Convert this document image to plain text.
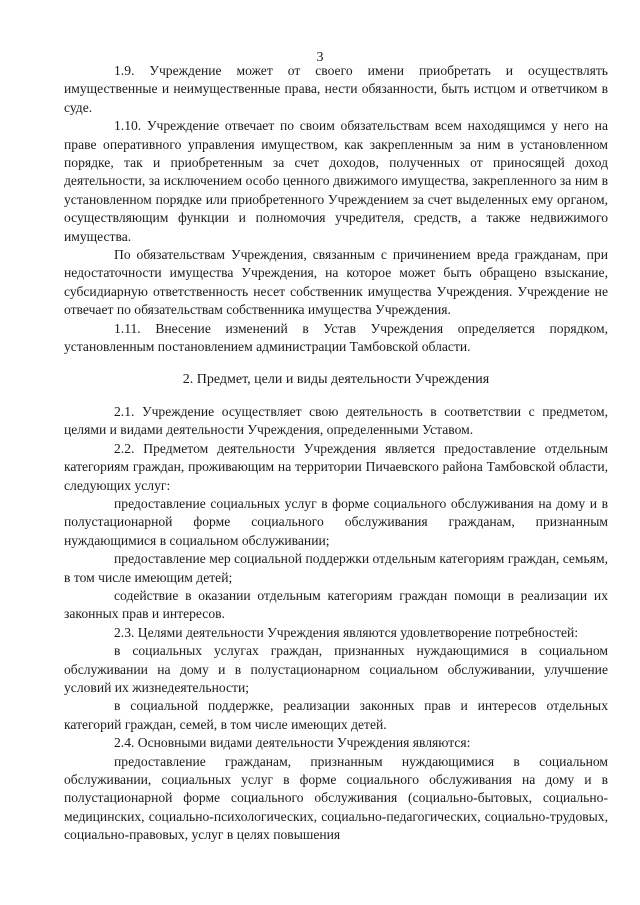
3

1.9. Учреждение может от своего имени приобретать и осуществлять имущественные и неимущественные права, нести обязанности, быть истцом и ответчиком в суде.

1.10. Учреждение отвечает по своим обязательствам всем находящимся у него на праве оперативного управления имуществом, как закрепленным за ним в установленном порядке, так и приобретенным за счет доходов, полученных от приносящей доход деятельности, за исключением особо ценного движимого имущества, закрепленного за ним в установленном порядке или приобретенного Учреждением за счет выделенных ему органом, осуществляющим функции и полномочия учредителя, средств, а также недвижимого имущества.

По обязательствам Учреждения, связанным с причинением вреда гражданам, при недостаточности имущества Учреждения, на которое может быть обращено взыскание, субсидиарную ответственность несет собственник имущества Учреждения. Учреждение не отвечает по обязательствам собственника имущества Учреждения.

1.11. Внесение изменений в Устав Учреждения определяется порядком, установленным постановлением администрации Тамбовской области.

2. Предмет, цели и виды деятельности Учреждения

2.1. Учреждение осуществляет свою деятельность в соответствии с предметом, целями и видами деятельности Учреждения, определенными Уставом.

2.2. Предметом деятельности Учреждения является предоставление отдельным категориям граждан, проживающим на территории Пичаевского района Тамбовской области, следующих услуг:

предоставление социальных услуг в форме социального обслуживания на дому и в полустационарной форме социального обслуживания гражданам, признанным нуждающимися в социальном обслуживании;

предоставление мер социальной поддержки отдельным категориям граждан, семьям, в том числе имеющим детей;

содействие в оказании отдельным категориям граждан помощи в реализации их законных прав и интересов.

2.3. Целями деятельности Учреждения являются удовлетворение потребностей:

в социальных услугах граждан, признанных нуждающимися в социальном обслуживании на дому и в полустационарном социальном обслуживании, улучшение условий их жизнедеятельности;

в социальной поддержке, реализации законных прав и интересов отдельных категорий граждан, семей, в том числе имеющих детей.

2.4. Основными видами деятельности Учреждения являются:

предоставление гражданам, признанным нуждающимися в социальном обслуживании, социальных услуг в форме социального обслуживания на дому и в полустационарной форме социального обслуживания (социально-бытовых, социально-медицинских, социально-психологических, социально-педагогических, социально-трудовых, социально-правовых, услуг в целях повышения
